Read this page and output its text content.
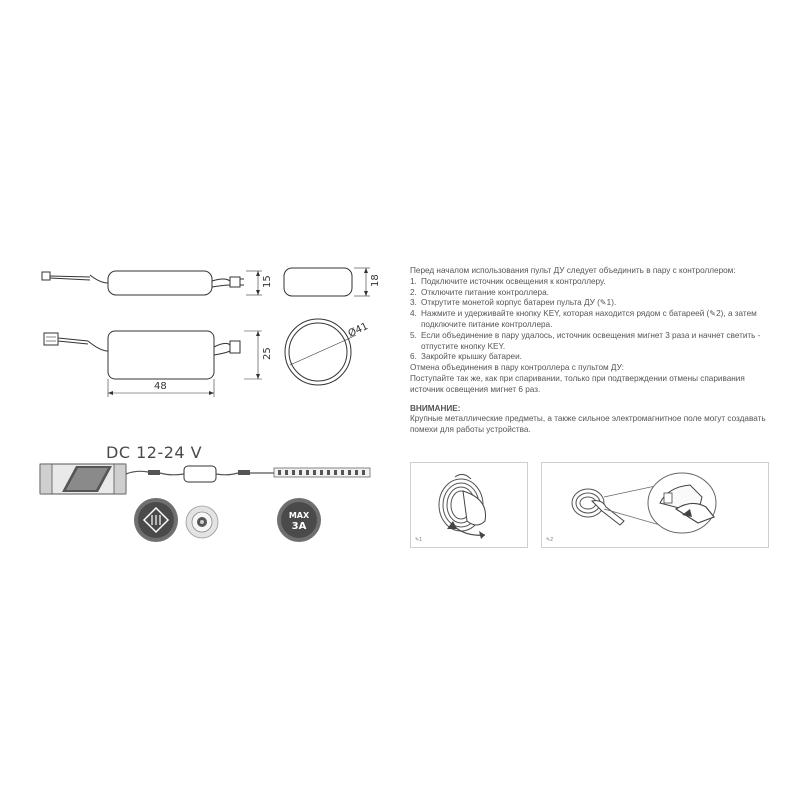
15
25
48
18
Ø41
DC 12-24 V
MAX
3A

Перед началом использования пульт ДУ следует объединить в пару с контроллером:

1. Подключите источник освещения к контроллеру.
2. Отключите питание контроллера.
3. Открутите монетой корпус батареи пульта ДУ (✎1).
4. Нажмите и удерживайте кнопку KEY, которая находится рядом с батареей (✎2), а затем подключите питание контроллера.
5. Если объединение в пару удалось, источник освещения мигнет 3 раза и начнет светить - отпустите кнопку KEY.
6. Закройте крышку батареи.

Отмена объединения в пару контроллера с пультом ДУ:

Поступайте так же, как при спаривании, только при подтверждении отмены спаривания источник освещения мигнет 6 раз.

ВНИМАНИЕ:

Крупные металлические предметы, а также сильное электромагнитное поле могут создавать помехи для работы устройства.

✎1	✎2
